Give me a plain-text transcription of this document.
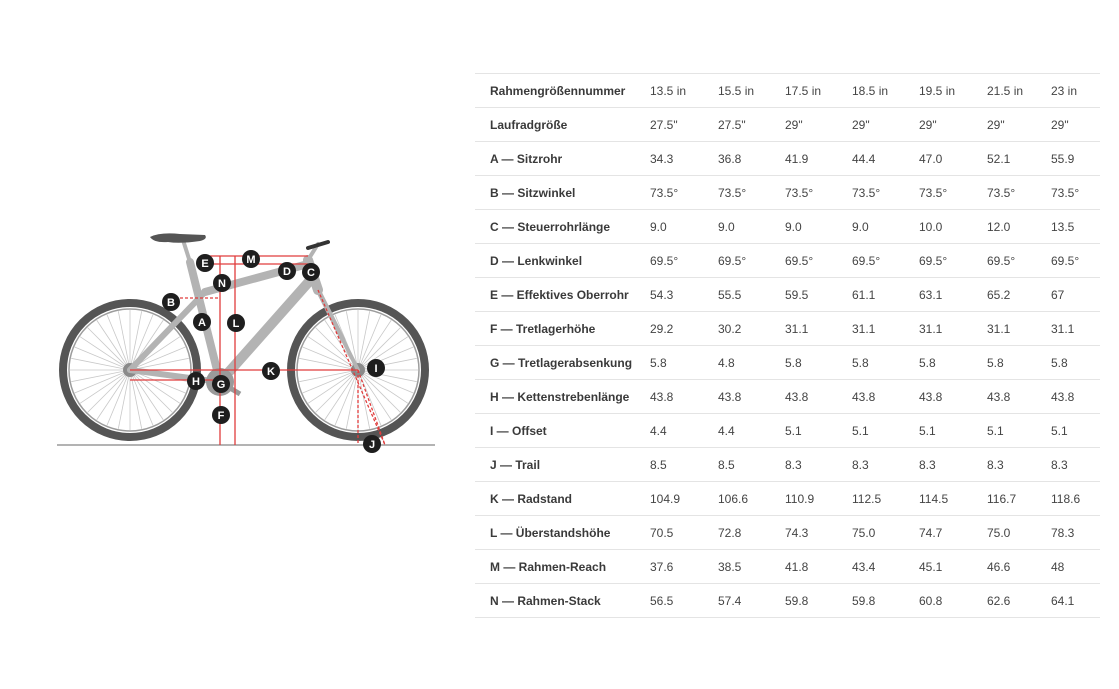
A
B
C
D
E
F
G
H
I
J
K
L
M
N
Rahmengrößennummer	13.5 in	15.5 in	17.5 in	18.5 in	19.5 in	21.5 in	23 in
Laufradgröße	27.5"	27.5"	29"	29"	29"	29"	29"
A — Sitzrohr	34.3	36.8	41.9	44.4	47.0	52.1	55.9
B — Sitzwinkel	73.5°	73.5°	73.5°	73.5°	73.5°	73.5°	73.5°
C — Steuerrohrlänge	9.0	9.0	9.0	9.0	10.0	12.0	13.5
D — Lenkwinkel	69.5°	69.5°	69.5°	69.5°	69.5°	69.5°	69.5°
E — Effektives Oberrohr	54.3	55.5	59.5	61.1	63.1	65.2	67
F — Tretlagerhöhe	29.2	30.2	31.1	31.1	31.1	31.1	31.1
G — Tretlagerabsenkung	5.8	4.8	5.8	5.8	5.8	5.8	5.8
H — Kettenstrebenlänge	43.8	43.8	43.8	43.8	43.8	43.8	43.8
I — Offset	4.4	4.4	5.1	5.1	5.1	5.1	5.1
J — Trail	8.5	8.5	8.3	8.3	8.3	8.3	8.3
K — Radstand	104.9	106.6	110.9	112.5	114.5	116.7	118.6
L — Überstandshöhe	70.5	72.8	74.3	75.0	74.7	75.0	78.3
M — Rahmen-Reach	37.6	38.5	41.8	43.4	45.1	46.6	48
N — Rahmen-Stack	56.5	57.4	59.8	59.8	60.8	62.6	64.1
